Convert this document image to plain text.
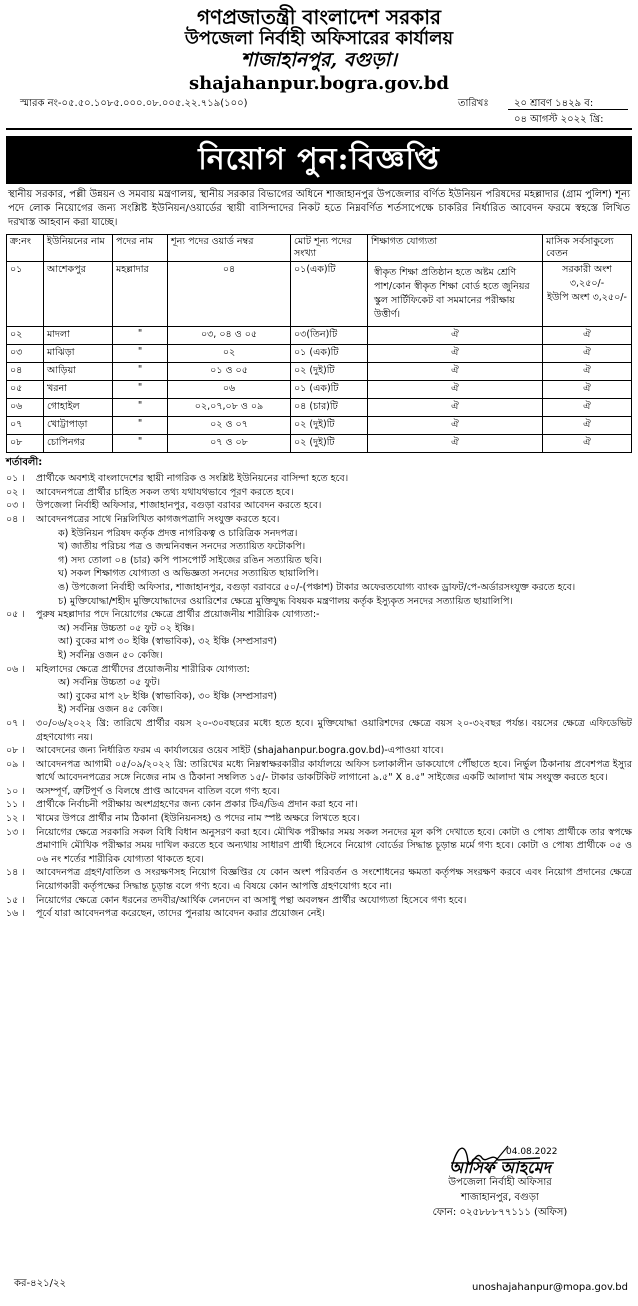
গণপ্রজাতন্ত্রী বাংলাদেশ সরকার
উপজেলা নির্বাহী অফিসারের কার্যালয়
শাজাহানপুর, বগুড়া।
shajahanpur.bogra.gov.bd
স্মারক নং-০৫.৫০.১০৮৫.০০০.০৮.০০৫.২২.৭১৯(১০০)	তারিখঃ	২০ শ্রাবণ ১৪২৯ ব:
০৪ আগস্ট ২০২২ খ্রি:
নিয়োগ পুন:বিজ্ঞপ্তি
স্থানীয় সরকার, পল্লী উন্নয়ন ও সমবায় মন্ত্রণালয়, স্থানীয় সরকার বিভাগের অধিনে শাজাহানপুর উপজেলার বর্ণিত ইউনিয়ন পরিষদের মহল্লাদার (গ্রাম পুলিশ) শূন্য পদে লোক নিয়োগের জন্য সংশ্লিষ্ট ইউনিয়ন/ওয়ার্ডের স্থায়ী বাসিন্দাদের নিকট হতে নিম্নবর্ণিত শর্তসাপেক্ষে চাকরির নির্ধারিত আবেদন ফরমে স্বহস্তে লিখিত দরখাস্ত আহবান করা যাচ্ছে।
ক্র:নং	ইউনিয়নের নাম	পদের নাম	শূন্য পদের ওয়ার্ড নম্বর	মোট শূন্য পদের সংখ্যা	শিক্ষাগত যোগ্যতা	মাসিক সর্বসাকুল্যে বেতন
০১	আশেকপুর	মহল্লাদার	০৪	০১(এক)টি	স্বীকৃত শিক্ষা প্রতিষ্ঠান হতে অষ্টম শ্রেণি পাশ/কোন স্বীকৃত শিক্ষা বোর্ড হতে জুনিয়র স্কুল সার্টিফিকেট বা সমমানের পরীক্ষায় উত্তীর্ণ।	সরকারী অংশ ৩,২৫০/-
ইউপি অংশ ৩,২৫০/-

০২	মাদলা	"	০৩, ০৪ ও ০৫	০৩(তিন)টি	ঐ	ঐ
০৩	মাঝিড়া	"	০২	০১ (এক)টি	ঐ	ঐ
০৪	আড়িয়া	"	০১ ও ০৫	০২ (দুই)টি	ঐ	ঐ
০৫	খরনা	"	০৬	০১ (এক)টি	ঐ	ঐ
০৬	গোহাইল	"	০২,০৭,০৮ ও ০৯	০৪ (চার)টি	ঐ	ঐ
০৭	খোট্টাপাড়া	"	০২ ও ০৭	০২ (দুই)টি	ঐ	ঐ
০৮	চোপিনগর	"	০৭ ও ০৮	০২ (দুই)টি	ঐ	ঐ
শর্তাবলী:
০১ ।	প্রার্থীকে অবশ্যই বাংলাদেশের স্থায়ী নাগরিক ও সংশ্লিষ্ট ইউনিয়নের বাসিন্দা হতে হবে।
০২ ।	আবেদনপত্রে প্রার্থীর চাহিত সকল তথ্য যথাযথভাবে পূরণ করতে হবে।
০৩ ।	উপজেলা নির্বাহী অফিসার, শাজাহানপুর, বগুড়া বরাবর আবেদন করতে হবে।
০৪ ।	আবেদনপত্রের সাথে নিম্নলিখিত কাগজপত্রাদি সংযুক্ত করতে হবে।
ক) ইউনিয়ন পরিষদ কর্তৃক প্রদত্ত নাগরিকত্ব ও চারিত্রিক সনদপত্র।
খ) জাতীয় পরিচয় পত্র ও জন্মনিবন্ধন সনদের সত্যায়িত ফটোকপি।
গ) সদ্য তোলা ০৪ (চার) কপি পাসপোর্ট সাইজের রঙিন সত্যায়িত ছবি।
ঘ) সকল শিক্ষাগত যোগ্যতা ও অভিজ্ঞতা সনদের সত্যায়িত ছায়ালিপি।
ঙ) উপজেলা নির্বাহী অফিসার, শাজাহানপুর, বগুড়া বরাবরে ৫০/-(পঞ্চাশ) টাকার অফেরতযোগ্য ব্যাংক ড্রাফট/পে-অর্ডারসংযুক্ত করতে হবে।
চ) মুক্তিযোদ্ধা/শহীদ মুক্তিযোদ্ধাদের ওয়ারিশের ক্ষেত্রে মুক্তিযুদ্ধ বিষয়ক মন্ত্রণালয় কর্তৃক ইস্যুকৃত সনদের সত্যায়িত ছায়ালিপি।
০৫ ।	পুরুষ মহল্লাদার পদে নিয়োগের ক্ষেত্রে প্রার্থীর প্রয়োজনীয় শারীরিক যোগ্যতা:-
অ) সর্বনিম্ন উচ্চতা ০৫ ফুট ০২ ইঞ্চি।
আ) বুকের মাপ ৩০ ইঞ্চি (স্বাভাবিক), ৩২ ইঞ্চি (সম্প্রসারণ)
ই) সর্বনিম্ন ওজন ৫০ কেজি।
০৬ ।	মহিলাদের ক্ষেত্রে প্রার্থীদের প্রয়োজনীয় শারীরিক যোগ্যতা:
অ) সর্বনিম্ন উচ্চতা ০৫ ফুট।
আ) বুকের মাপ ২৮ ইঞ্চি (স্বাভাবিক), ৩০ ইঞ্চি (সম্প্রসারণ)
ই) সর্বনিম্ন ওজন ৪৫ কেজি।
০৭ ।	৩০/০৬/২০২২ খ্রি: তারিখে প্রার্থীর বয়স ২০-৩০বছরের মধ্যে হতে হবে। মুক্তিযোদ্ধা ওয়ারিশদের ক্ষেত্রে বয়স ২০-৩২বছর পর্যন্ত। বয়সের ক্ষেত্রে এফিডেভিট গ্রহণযোগ্য নয়।
০৮ ।	আবেদনের জন্য নির্ধারিত ফরম এ কার্যালয়ের ওয়েব সাইট (shajahanpur.bogra.gov.bd)-এপাওয়া যাবে।
০৯ ।	আবেদনপত্র আগামী ০৫/০৯/২০২২ খ্রি: তারিখের মধ্যে নিম্নস্বাক্ষরকারীর কার্যালয়ে অফিস চলাকালীন ডাকযোগে পৌঁছাতে হবে। নির্ভুল ঠিকানায় প্রবেশপত্র ইস্যুর স্বার্থে আবেদনপত্রের সঙ্গে নিজের নাম ও ঠিকানা সম্বলিত ১৫/- টাকার ডাকটিকিট লাগানো ৯.৫" X ৪.৫" সাইজের একটি আলাদা খাম সংযুক্ত করতে হবে।
১০ ।	অসম্পূর্ণ, ত্রুটিপূর্ণ ও বিলম্বে প্রাপ্ত আবেদন বাতিল বলে গণ্য হবে।
১১ ।	প্রার্থীকে নির্বাচনী পরীক্ষায় অংশগ্রহণের জন্য কোন প্রকার টিএ/ডিএ প্রদান করা হবে না।
১২ ।	খামের উপরে প্রার্থীর নাম ঠিকানা (ইউনিয়নসহ) ও পদের নাম স্পষ্ট অক্ষরে লিখতে হবে।
১৩ ।	নিয়োগের ক্ষেত্রে সরকারি সকল বিধি বিধান অনুসরণ করা হবে। মৌখিক পরীক্ষার সময় সকল সনদের মূল কপি দেখাতে হবে। কোটা ও পোষ্য প্রার্থীকে তার স্বপক্ষে প্রমাণাদি মৌখিক পরীক্ষার সময় দাখিল করতে হবে অন্যথায় সাধারণ প্রার্থী হিসেবে নিয়োগ বোর্ডের সিদ্ধান্ত চূড়ান্ত মর্মে গণ্য হবে। কোটা ও পোষ্য প্রার্থীকে ০৫ ও ০৬ নং শর্তের শারীরিক যোগ্যতা থাকতে হবে।
১৪ ।	আবেদনপত্র গ্রহণ/বাতিল ও সংরক্ষণসহ নিয়োগ বিজ্ঞপ্তির যে কোন অংশ পরিবর্তন ও সংশোধনের ক্ষমতা কর্তৃপক্ষ সংরক্ষণ করবে এবং নিয়োগ প্রদানের ক্ষেত্রে নিয়োগকারী কর্তৃপক্ষের সিদ্ধান্ত চূড়ান্ত বলে গণ্য হবে। এ বিষয়ে কোন আপত্তি গ্রহণযোগ্য হবে না।
১৫ ।	নিয়োগের ক্ষেত্রে কোন ধরনের তদবীর/আর্থিক লেনদেন বা অসাধু পন্থা অবলম্বন প্রার্থীর অযোগ্যতা হিসেবে গণ্য হবে।
১৬ ।	পূর্বে যারা আবেদনপত্র করেছেন, তাদের পুনরায় আবেদন করার প্রয়োজন নেই।
04.08.2022
আসিফ আহমেদ
উপজেলা নির্বাহী অফিসার
শাজাহানপুর, বগুড়া
ফোন: ০২৫৮৮৮৭৭১১১ (অফিস)
কর-৪২১/২২	unoshajahanpur@mopa.gov.bd
